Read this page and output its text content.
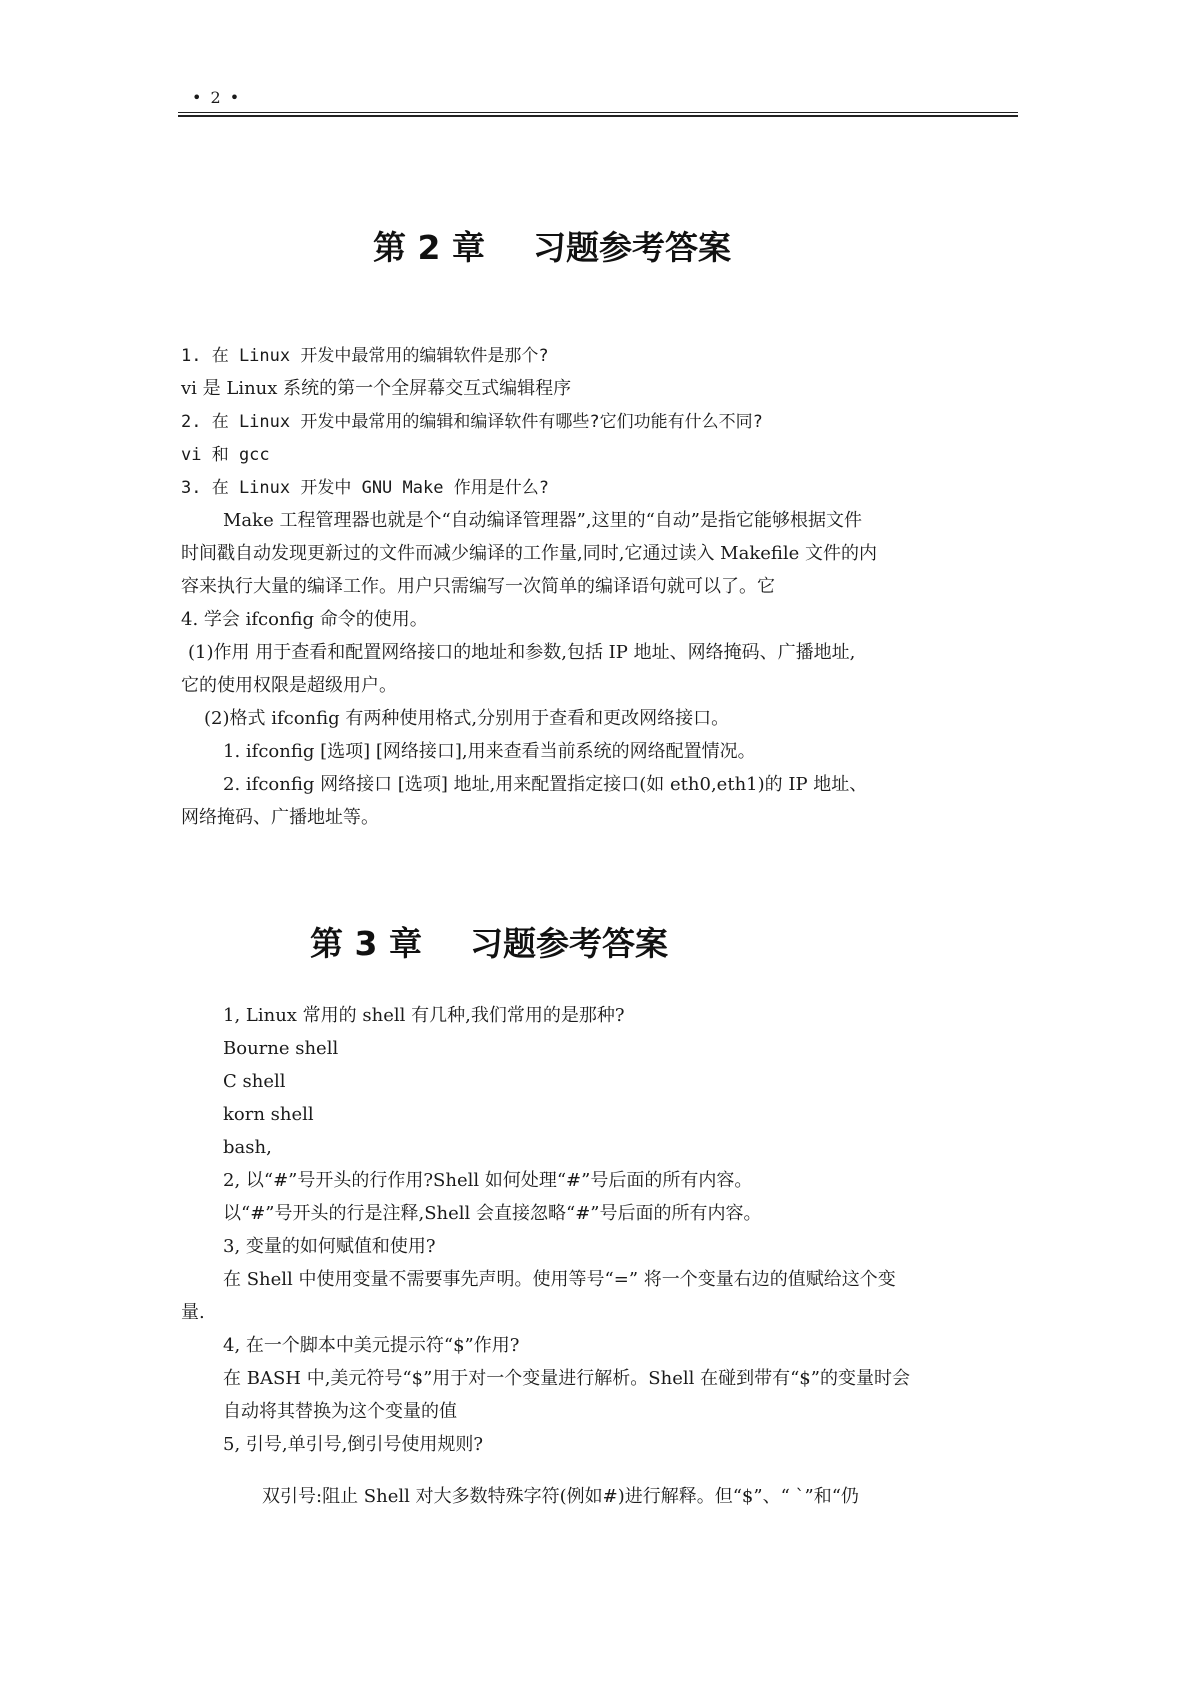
• 2 •
第 2 章 习题参考答案
1. 在 Linux 开发中最常用的编辑软件是那个?
vi 是 Linux 系统的第一个全屏幕交互式编辑程序
2. 在 Linux 开发中最常用的编辑和编译软件有哪些?它们功能有什么不同?
vi 和 gcc
3. 在 Linux 开发中 GNU Make 作用是什么?
Make 工程管理器也就是个“自动编译管理器”,这里的“自动”是指它能够根据文件
时间戳自动发现更新过的文件而减少编译的工作量,同时,它通过读入 Makefile 文件的内
容来执行大量的编译工作。用户只需编写一次简单的编译语句就可以了。它
4. 学会 ifconfig 命令的使用。
(1)作用 用于查看和配置网络接口的地址和参数,包括 IP 地址、网络掩码、广播地址,
它的使用权限是超级用户。
(2)格式 ifconfig 有两种使用格式,分别用于查看和更改网络接口。
1. ifconfig [选项] [网络接口],用来查看当前系统的网络配置情况。
2. ifconfig 网络接口 [选项] 地址,用来配置指定接口(如 eth0,eth1)的 IP 地址、
网络掩码、广播地址等。
第 3 章 习题参考答案
1, Linux 常用的 shell 有几种,我们常用的是那种?
Bourne shell
C shell
korn shell
bash,
2, 以“#”号开头的行作用?Shell 如何处理“#”号后面的所有内容。
以“#”号开头的行是注释,Shell 会直接忽略“#”号后面的所有内容。
3, 变量的如何赋值和使用?
在 Shell 中使用变量不需要事先声明。使用等号“=” 将一个变量右边的值赋给这个变
量.
4, 在一个脚本中美元提示符“$”作用?
在 BASH 中,美元符号“$”用于对一个变量进行解析。Shell 在碰到带有“$”的变量时会
自动将其替换为这个变量的值
5, 引号,单引号,倒引号使用规则?
双引号:阻止 Shell 对大多数特殊字符(例如#)进行解释。但“$”、“ `”和“仍
